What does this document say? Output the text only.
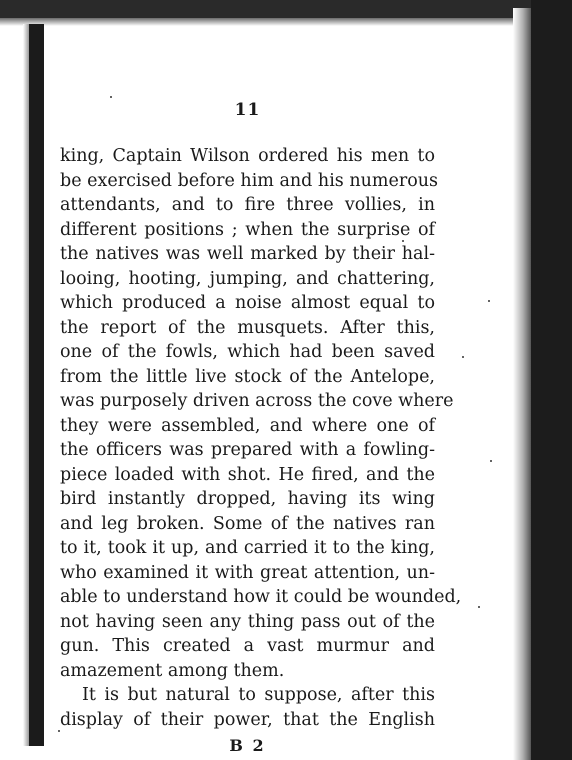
11
king, Captain Wilson ordered his men to
be exercised before him and his numerous
attendants, and to fire three vollies, in
different positions ; when the surprise of
the natives was well marked by their hal-
looing, hooting, jumping, and chattering,
which produced a noise almost equal to
the report of the musquets. After this,
one of the fowls, which had been saved
from the little live stock of the Antelope,
was purposely driven across the cove where
they were assembled, and where one of
the officers was prepared with a fowling-
piece loaded with shot. He fired, and the
bird instantly dropped, having its wing
and leg broken. Some of the natives ran
to it, took it up, and carried it to the king,
who examined it with great attention, un-
able to understand how it could be wounded,
not having seen any thing pass out of the
gun. This created a vast murmur and
amazement among them.
It is but natural to suppose, after this
display of their power, that the English
B 2
